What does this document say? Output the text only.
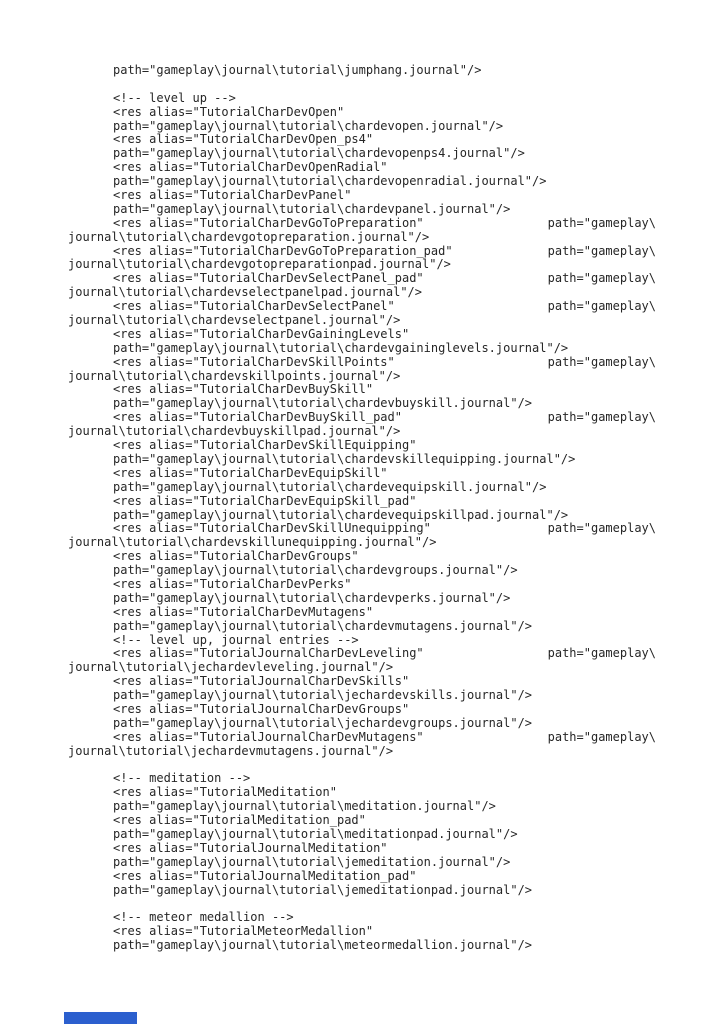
path="gameplay\journal\tutorial\jumphang.journal"/>

<!-- level up -->
<res alias="TutorialCharDevOpen"
path="gameplay\journal\tutorial\chardevopen.journal"/>
<res alias="TutorialCharDevOpen_ps4"
path="gameplay\journal\tutorial\chardevopenps4.journal"/>
<res alias="TutorialCharDevOpenRadial"
path="gameplay\journal\tutorial\chardevopenradial.journal"/>
<res alias="TutorialCharDevPanel"
path="gameplay\journal\tutorial\chardevpanel.journal"/>
<res alias="TutorialCharDevGoToPreparation"	path="gameplay\
journal\tutorial\chardevgotopreparation.journal"/>
<res alias="TutorialCharDevGoToPreparation_pad"	path="gameplay\
journal\tutorial\chardevgotopreparationpad.journal"/>
<res alias="TutorialCharDevSelectPanel_pad"	path="gameplay\
journal\tutorial\chardevselectpanelpad.journal"/>
<res alias="TutorialCharDevSelectPanel"	path="gameplay\
journal\tutorial\chardevselectpanel.journal"/>
<res alias="TutorialCharDevGainingLevels"
path="gameplay\journal\tutorial\chardevgaininglevels.journal"/>
<res alias="TutorialCharDevSkillPoints"	path="gameplay\
journal\tutorial\chardevskillpoints.journal"/>
<res alias="TutorialCharDevBuySkill"
path="gameplay\journal\tutorial\chardevbuyskill.journal"/>
<res alias="TutorialCharDevBuySkill_pad"	path="gameplay\
journal\tutorial\chardevbuyskillpad.journal"/>
<res alias="TutorialCharDevSkillEquipping"
path="gameplay\journal\tutorial\chardevskillequipping.journal"/>
<res alias="TutorialCharDevEquipSkill"
path="gameplay\journal\tutorial\chardevequipskill.journal"/>
<res alias="TutorialCharDevEquipSkill_pad"
path="gameplay\journal\tutorial\chardevequipskillpad.journal"/>
<res alias="TutorialCharDevSkillUnequipping"	path="gameplay\
journal\tutorial\chardevskillunequipping.journal"/>
<res alias="TutorialCharDevGroups"
path="gameplay\journal\tutorial\chardevgroups.journal"/>
<res alias="TutorialCharDevPerks"
path="gameplay\journal\tutorial\chardevperks.journal"/>
<res alias="TutorialCharDevMutagens"
path="gameplay\journal\tutorial\chardevmutagens.journal"/>
<!-- level up, journal entries -->
<res alias="TutorialJournalCharDevLeveling"	path="gameplay\
journal\tutorial\jechardevleveling.journal"/>
<res alias="TutorialJournalCharDevSkills"
path="gameplay\journal\tutorial\jechardevskills.journal"/>
<res alias="TutorialJournalCharDevGroups"
path="gameplay\journal\tutorial\jechardevgroups.journal"/>
<res alias="TutorialJournalCharDevMutagens"	path="gameplay\
journal\tutorial\jechardevmutagens.journal"/>

<!-- meditation -->
<res alias="TutorialMeditation"
path="gameplay\journal\tutorial\meditation.journal"/>
<res alias="TutorialMeditation_pad"
path="gameplay\journal\tutorial\meditationpad.journal"/>
<res alias="TutorialJournalMeditation"
path="gameplay\journal\tutorial\jemeditation.journal"/>
<res alias="TutorialJournalMeditation_pad"
path="gameplay\journal\tutorial\jemeditationpad.journal"/>

<!-- meteor medallion -->
<res alias="TutorialMeteorMedallion"
path="gameplay\journal\tutorial\meteormedallion.journal"/>
